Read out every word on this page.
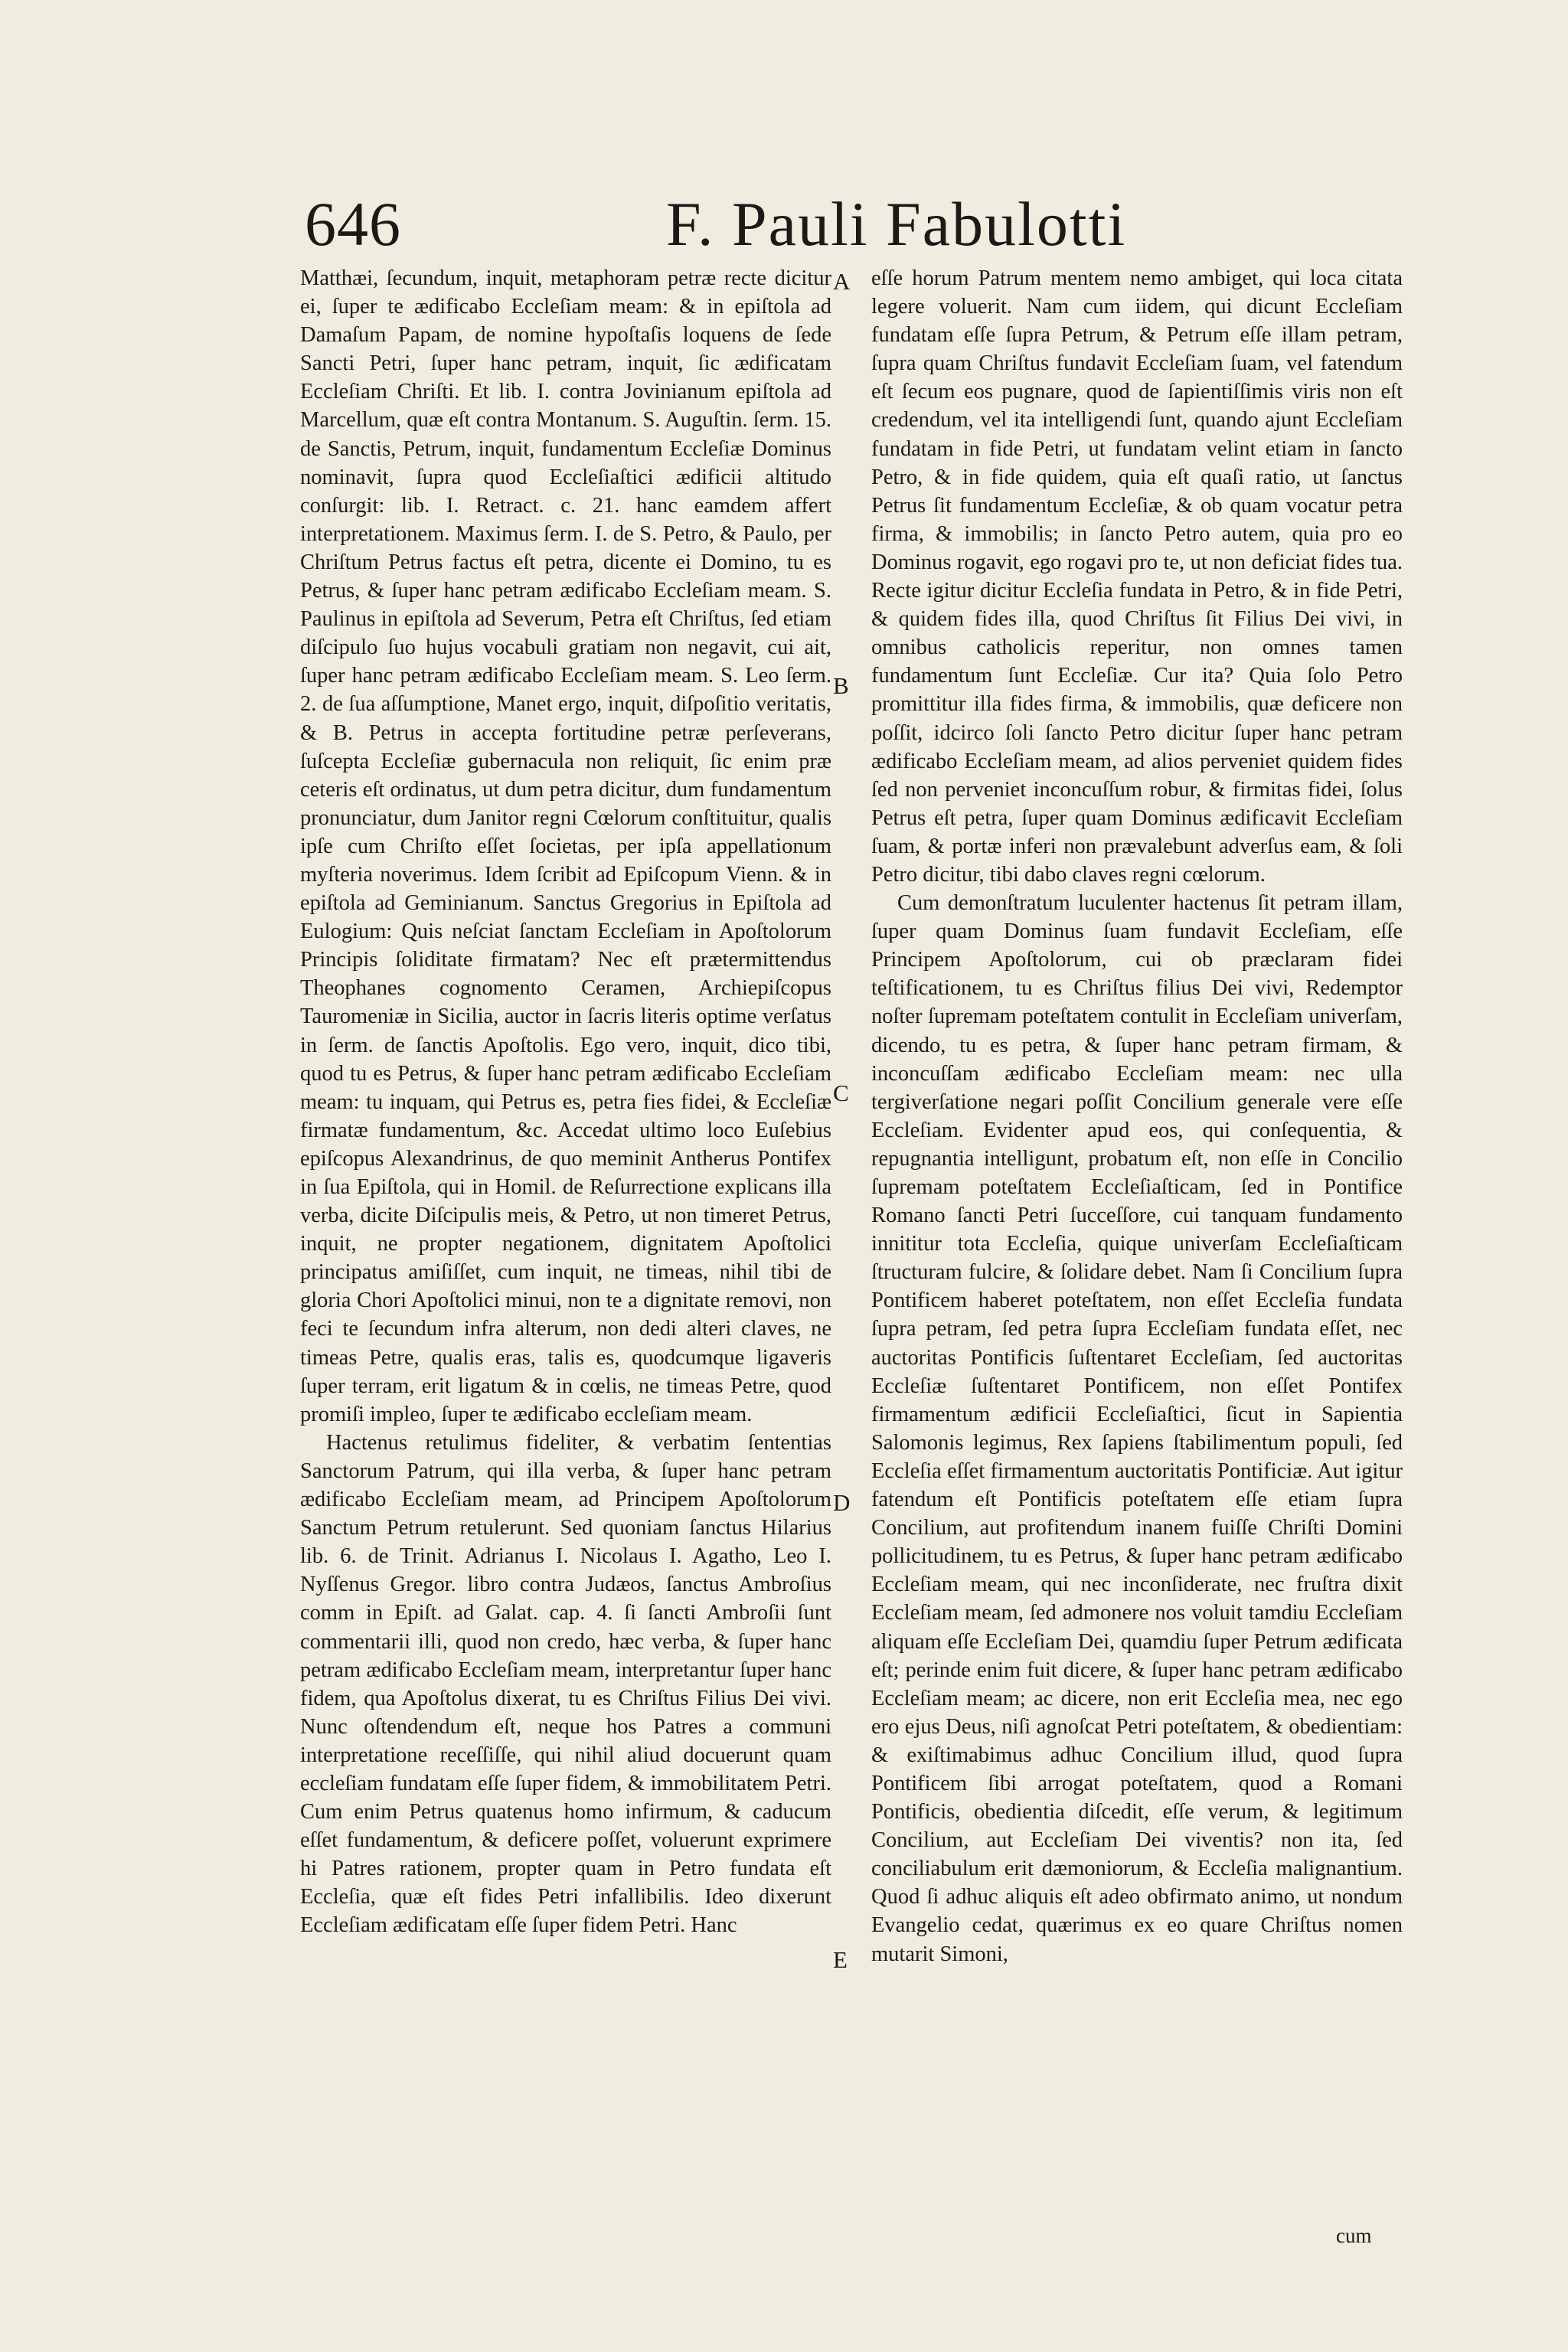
646	F. Pauli Fabulotti

Matthæi, ſecundum, inquit, metaphoram petræ recte dicitur ei, ſuper te ædificabo Eccleſiam meam: & in epiſtola ad Damaſum Papam, de nomine hypoſtaſis loquens de ſede Sancti Petri, ſuper hanc petram, inquit, ſic ædificatam Eccleſiam Chriſti. Et lib. I. contra Jovinianum epiſtola ad Marcellum, quæ eſt contra Montanum. S. Auguſtin. ſerm. 15. de Sanctis, Petrum, inquit, fundamentum Eccleſiæ Dominus nominavit, ſupra quod Eccleſiaſtici ædificii altitudo conſurgit: lib. I. Retract. c. 21. hanc eamdem affert interpretationem. Maximus ſerm. I. de S. Petro, & Paulo, per Chriſtum Petrus factus eſt petra, dicente ei Domino, tu es Petrus, & ſuper hanc petram ædificabo Eccleſiam meam. S. Paulinus in epiſtola ad Severum, Petra eſt Chriſtus, ſed etiam diſcipulo ſuo hujus vocabuli gratiam non negavit, cui ait, ſuper hanc petram ædificabo Eccleſiam meam. S. Leo ſerm. 2. de ſua aſſumptione, Manet ergo, inquit, diſpoſitio veritatis, & B. Petrus in accepta fortitudine petræ perſeverans, ſuſcepta Eccleſiæ gubernacula non reliquit, ſic enim præ ceteris eſt ordinatus, ut dum petra dicitur, dum fundamentum pronunciatur, dum Janitor regni Cœlorum conſtituitur, qualis ipſe cum Chriſto eſſet ſocietas, per ipſa appellationum myſteria noverimus. Idem ſcribit ad Epiſcopum Vienn. & in epiſtola ad Geminianum. Sanctus Gregorius in Epiſtola ad Eulogium: Quis neſciat ſanctam Eccleſiam in Apoſtolorum Principis ſoliditate firmatam? Nec eſt prætermittendus Theophanes cognomento Ceramen, Archiepiſcopus Tauromeniæ in Sicilia, auctor in ſacris literis optime verſatus in ſerm. de ſanctis Apoſtolis. Ego vero, inquit, dico tibi, quod tu es Petrus, & ſuper hanc petram ædificabo Eccleſiam meam: tu inquam, qui Petrus es, petra fies fidei, & Eccleſiæ firmatæ fundamentum, &c. Accedat ultimo loco Euſebius epiſcopus Alexandrinus, de quo meminit Antherus Pontifex in ſua Epiſtola, qui in Homil. de Reſurrectione explicans illa verba, dicite Diſcipulis meis, & Petro, ut non timeret Petrus, inquit, ne propter negationem, dignitatem Apoſtolici principatus amiſiſſet, cum inquit, ne timeas, nihil tibi de gloria Chori Apoſtolici minui, non te a dignitate removi, non feci te ſecundum infra alterum, non dedi alteri claves, ne timeas Petre, qualis eras, talis es, quodcumque ligaveris ſuper terram, erit ligatum & in cœlis, ne timeas Petre, quod promiſi impleo, ſuper te ædificabo eccleſiam meam.

Hactenus retulimus fideliter, & verbatim ſententias Sanctorum Patrum, qui illa verba, & ſuper hanc petram ædificabo Eccleſiam meam, ad Principem Apoſtolorum Sanctum Petrum retulerunt. Sed quoniam ſanctus Hilarius lib. 6. de Trinit. Adrianus I. Nicolaus I. Agatho, Leo I. Nyſſenus Gregor. libro contra Judæos, ſanctus Ambroſius comm in Epiſt. ad Galat. cap. 4. ſi ſancti Ambroſii ſunt commentarii illi, quod non credo, hæc verba, & ſuper hanc petram ædificabo Eccleſiam meam, interpretantur ſuper hanc fidem, qua Apoſtolus dixerat, tu es Chriſtus Filius Dei vivi. Nunc oſtendendum eſt, neque hos Patres a communi interpretatione receſſiſſe, qui nihil aliud docuerunt quam eccleſiam fundatam eſſe ſuper fidem, & immobilitatem Petri. Cum enim Petrus quatenus homo infirmum, & caducum eſſet fundamentum, & deficere poſſet, voluerunt exprimere hi Patres rationem, propter quam in Petro fundata eſt Eccleſia, quæ eſt fides Petri infallibilis. Ideo dixerunt Eccleſiam ædificatam eſſe ſuper fidem Petri. Hanc

A
B
C
D
E

eſſe horum Patrum mentem nemo ambiget, qui loca citata legere voluerit. Nam cum iidem, qui dicunt Eccleſiam fundatam eſſe ſupra Petrum, & Petrum eſſe illam petram, ſupra quam Chriſtus fundavit Eccleſiam ſuam, vel fatendum eſt ſecum eos pugnare, quod de ſapientiſſimis viris non eſt credendum, vel ita intelligendi ſunt, quando ajunt Eccleſiam fundatam in fide Petri, ut fundatam velint etiam in ſancto Petro, & in fide quidem, quia eſt quaſi ratio, ut ſanctus Petrus ſit fundamentum Eccleſiæ, & ob quam vocatur petra firma, & immobilis; in ſancto Petro autem, quia pro eo Dominus rogavit, ego rogavi pro te, ut non deficiat fides tua. Recte igitur dicitur Eccleſia fundata in Petro, & in fide Petri, & quidem fides illa, quod Chriſtus ſit Filius Dei vivi, in omnibus catholicis reperitur, non omnes tamen fundamentum ſunt Eccleſiæ. Cur ita? Quia ſolo Petro promittitur illa fides firma, & immobilis, quæ deficere non poſſit, idcirco ſoli ſancto Petro dicitur ſuper hanc petram ædificabo Eccleſiam meam, ad alios perveniet quidem fides ſed non perveniet inconcuſſum robur, & firmitas fidei, ſolus Petrus eſt petra, ſuper quam Dominus ædificavit Eccleſiam ſuam, & portæ inferi non prævalebunt adverſus eam, & ſoli Petro dicitur, tibi dabo claves regni cœlorum.

Cum demonſtratum luculenter hactenus ſit petram illam, ſuper quam Dominus ſuam fundavit Eccleſiam, eſſe Principem Apoſtolorum, cui ob præclaram fidei teſtificationem, tu es Chriſtus filius Dei vivi, Redemptor noſter ſupremam poteſtatem contulit in Eccleſiam univerſam, dicendo, tu es petra, & ſuper hanc petram firmam, & inconcuſſam ædificabo Eccleſiam meam: nec ulla tergiverſatione negari poſſit Concilium generale vere eſſe Eccleſiam. Evidenter apud eos, qui conſequentia, & repugnantia intelligunt, probatum eſt, non eſſe in Concilio ſupremam poteſtatem Eccleſiaſticam, ſed in Pontifice Romano ſancti Petri ſucceſſore, cui tanquam fundamento innititur tota Eccleſia, quique univerſam Eccleſiaſticam ſtructuram fulcire, & ſolidare debet. Nam ſi Concilium ſupra Pontificem haberet poteſtatem, non eſſet Eccleſia fundata ſupra petram, ſed petra ſupra Eccleſiam fundata eſſet, nec auctoritas Pontificis ſuſtentaret Eccleſiam, ſed auctoritas Eccleſiæ ſuſtentaret Pontificem, non eſſet Pontifex firmamentum ædificii Eccleſiaſtici, ſicut in Sapientia Salomonis legimus, Rex ſapiens ſtabilimentum populi, ſed Eccleſia eſſet firmamentum auctoritatis Pontificiæ. Aut igitur fatendum eſt Pontificis poteſtatem eſſe etiam ſupra Concilium, aut profitendum inanem fuiſſe Chriſti Domini pollicitudinem, tu es Petrus, & ſuper hanc petram ædificabo Eccleſiam meam, qui nec inconſiderate, nec fruſtra dixit Eccleſiam meam, ſed admonere nos voluit tamdiu Eccleſiam aliquam eſſe Eccleſiam Dei, quamdiu ſuper Petrum ædificata eſt; perinde enim fuit dicere, & ſuper hanc petram ædificabo Eccleſiam meam; ac dicere, non erit Eccleſia mea, nec ego ero ejus Deus, niſi agnoſcat Petri poteſtatem, & obedientiam: & exiſtimabimus adhuc Concilium illud, quod ſupra Pontificem ſibi arrogat poteſtatem, quod a Romani Pontificis, obedientia diſcedit, eſſe verum, & legitimum Concilium, aut Eccleſiam Dei viventis? non ita, ſed conciliabulum erit dæmoniorum, & Eccleſia malignantium. Quod ſi adhuc aliquis eſt adeo obfirmato animo, ut nondum Evangelio cedat, quærimus ex eo quare Chriſtus nomen mutarit Simoni,

cum
